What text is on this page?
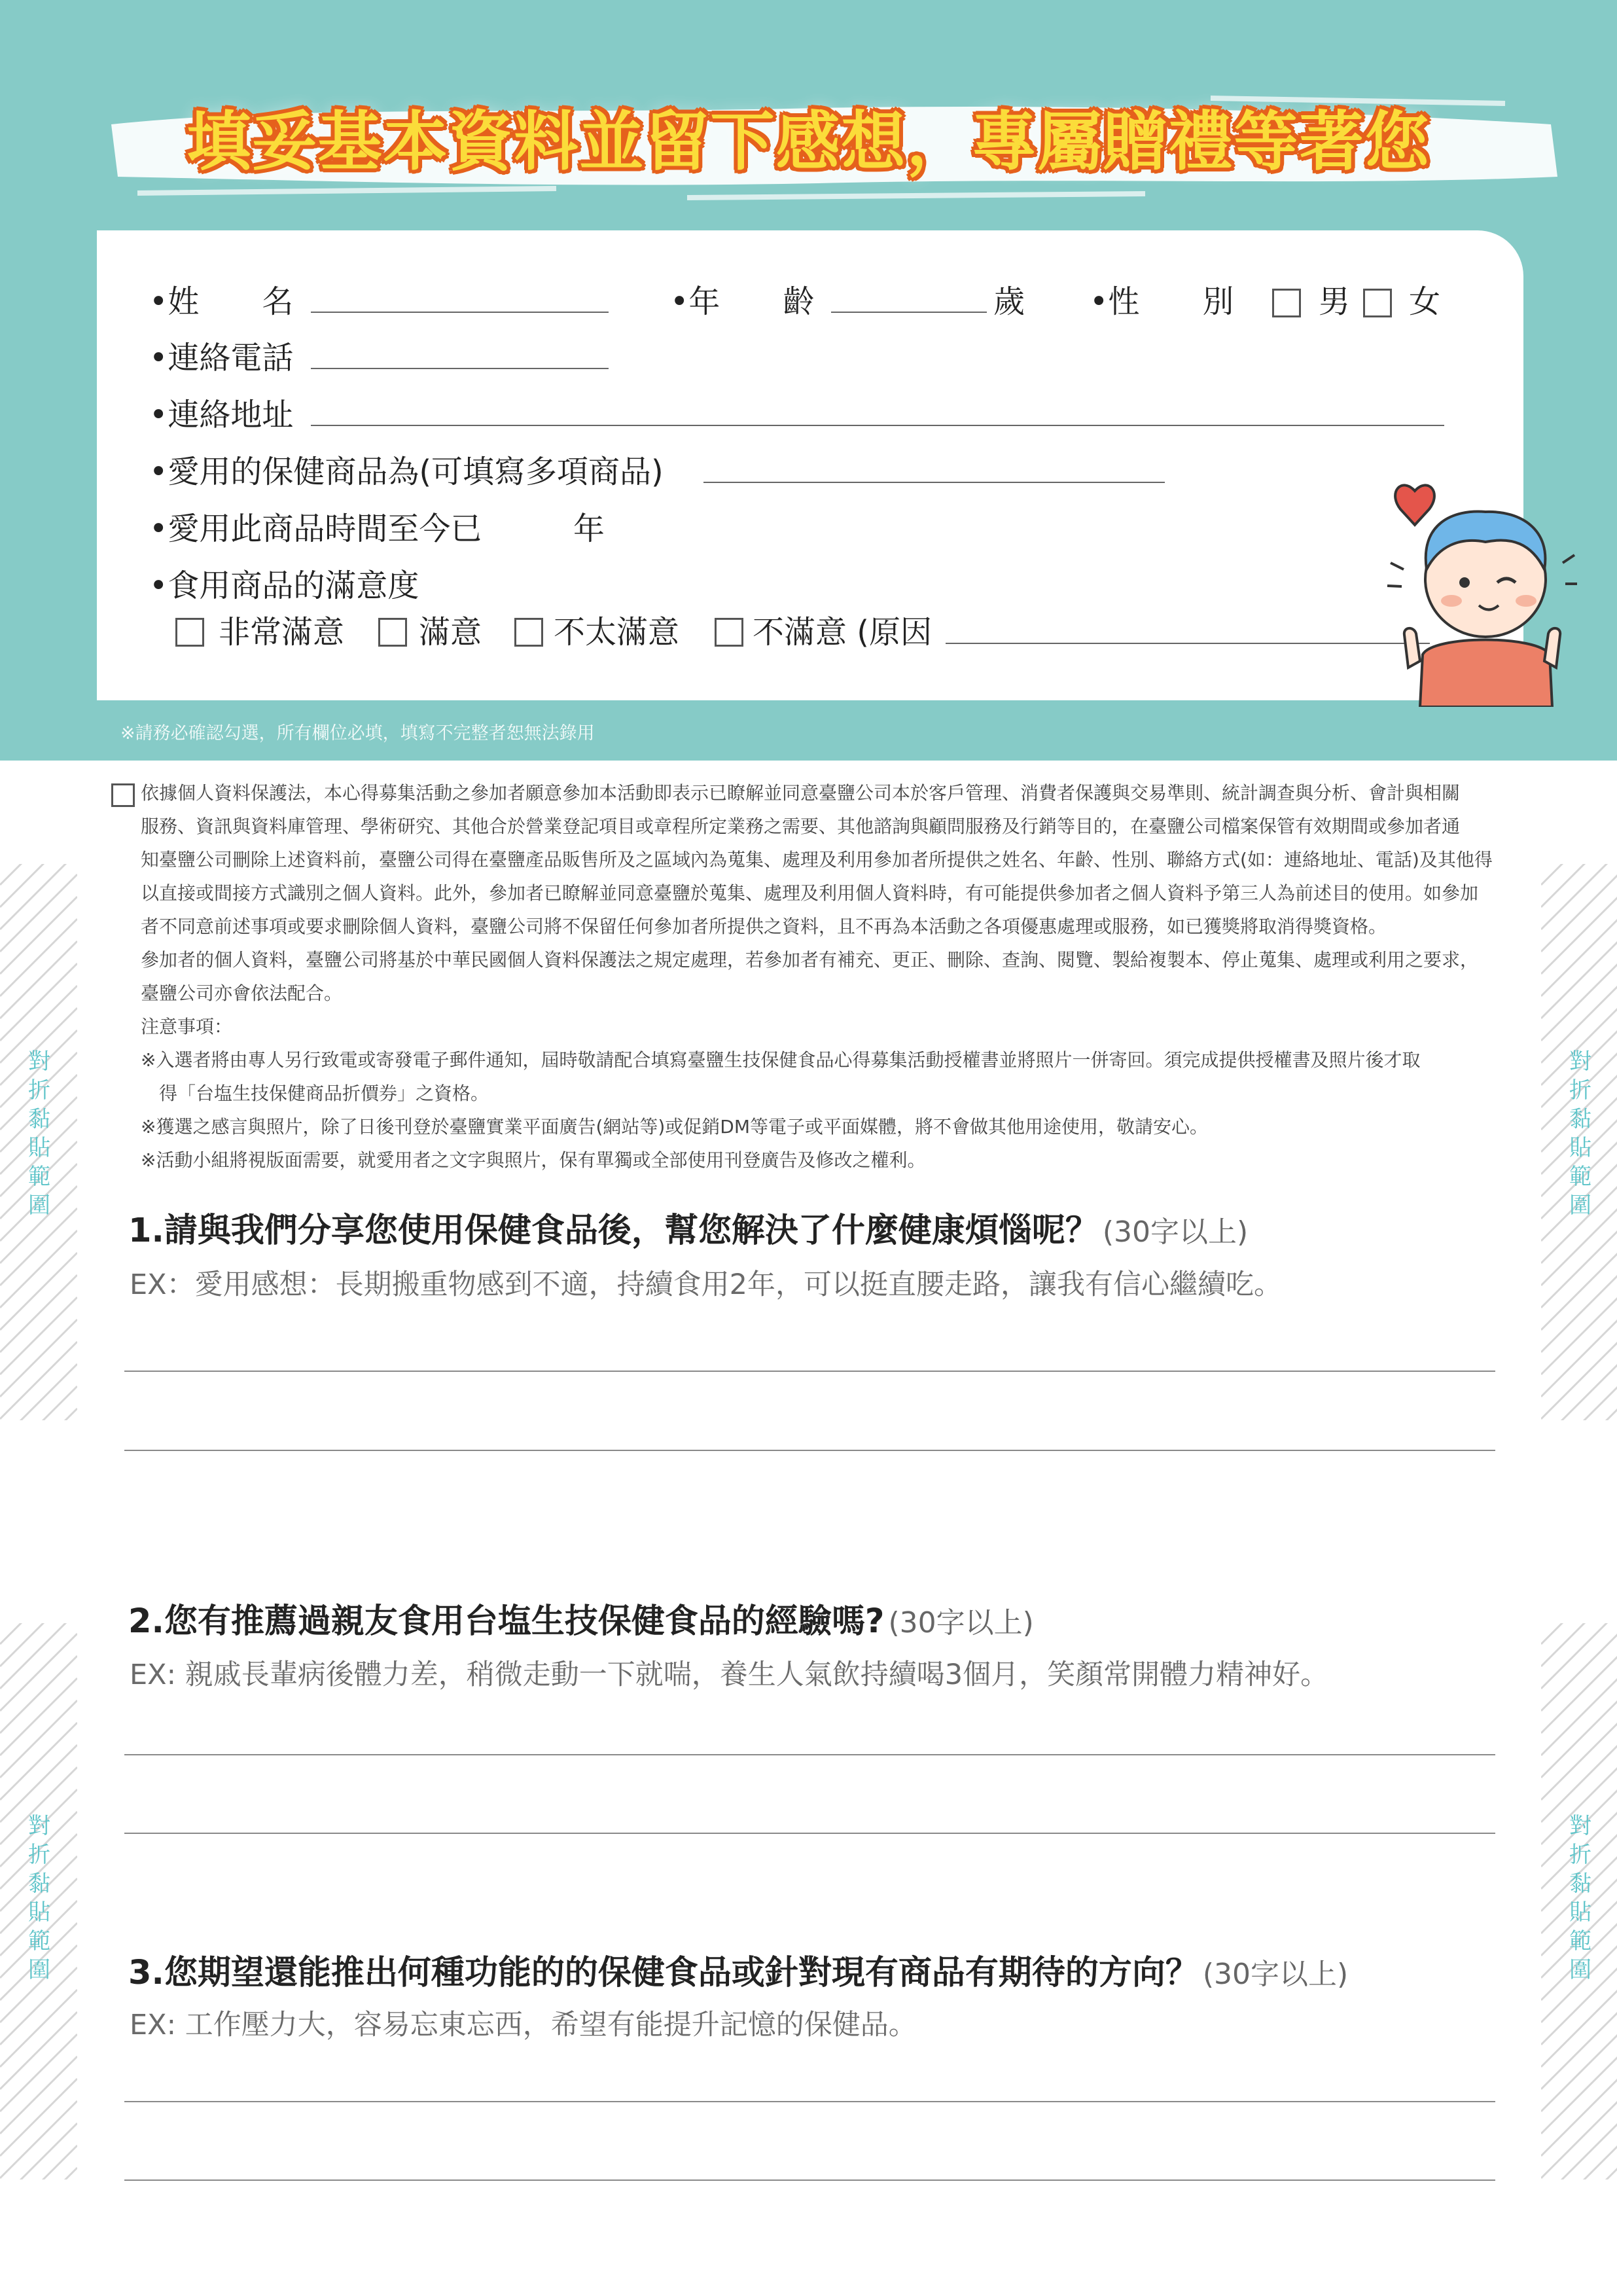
填妥基本資料並留下感想，專屬贈禮等著您
•姓　　名	•年　　齡	歲 •性　　別	男 女
•連絡電話
•連絡地址
•愛用的保健商品為(可填寫多項商品)
•愛用此商品時間至今已	年
•食用商品的滿意度
非常滿意 滿意 不太滿意 不滿意 (原因
※請務必確認勾選，所有欄位必填，填寫不完整者恕無法錄用
依據個人資料保護法，本心得募集活動之參加者願意參加本活動即表示已瞭解並同意臺鹽公司本於客戶管理、消費者保護與交易準則、統計調查與分析、會計與相關
服務、資訊與資料庫管理、學術研究、其他合於營業登記項目或章程所定業務之需要、其他諮詢與顧問服務及行銷等目的，在臺鹽公司檔案保管有效期間或參加者通
知臺鹽公司刪除上述資料前，臺鹽公司得在臺鹽產品販售所及之區域內為蒐集、處理及利用參加者所提供之姓名、年齡、性別、聯絡方式(如：連絡地址、電話)及其他得
以直接或間接方式識別之個人資料。此外，參加者已瞭解並同意臺鹽於蒐集、處理及利用個人資料時，有可能提供參加者之個人資料予第三人為前述目的使用。如參加
者不同意前述事項或要求刪除個人資料，臺鹽公司將不保留任何參加者所提供之資料，且不再為本活動之各項優惠處理或服務，如已獲獎將取消得獎資格。
參加者的個人資料，臺鹽公司將基於中華民國個人資料保護法之規定處理，若參加者有補充、更正、刪除、查詢、閱覽、製給複製本、停止蒐集、處理或利用之要求，
臺鹽公司亦會依法配合。
注意事項：
※入選者將由專人另行致電或寄發電子郵件通知，屆時敬請配合填寫臺鹽生技保健食品心得募集活動授權書並將照片一併寄回。須完成提供授權書及照片後才取
　得「台塩生技保健商品折價券」之資格。
※獲選之感言與照片，除了日後刊登於臺鹽實業平面廣告(網站等)或促銷DM等電子或平面媒體，將不會做其他用途使用，敬請安心。
※活動小組將視版面需要，就愛用者之文字與照片，保有單獨或全部使用刊登廣告及修改之權利。
對
折
黏
貼
範
圍
對
折
黏
貼
範
圍
對
折
黏
貼
範
圍
對
折
黏
貼
範
圍
1.請與我們分享您使用保健食品後，幫您解決了什麼健康煩惱呢？ (30字以上)
EX：愛用感想：長期搬重物感到不適，持續食用2年，可以挺直腰走路，讓我有信心繼續吃。
2.您有推薦過親友食用台塩生技保健食品的經驗嗎? (30字以上)
EX: 親戚長輩病後體力差，稍微走動一下就喘，養生人氣飲持續喝3個月，笑顏常開體力精神好。
3.您期望還能推出何種功能的的保健食品或針對現有商品有期待的方向？ (30字以上)
EX: 工作壓力大，容易忘東忘西，希望有能提升記憶的保健品。
